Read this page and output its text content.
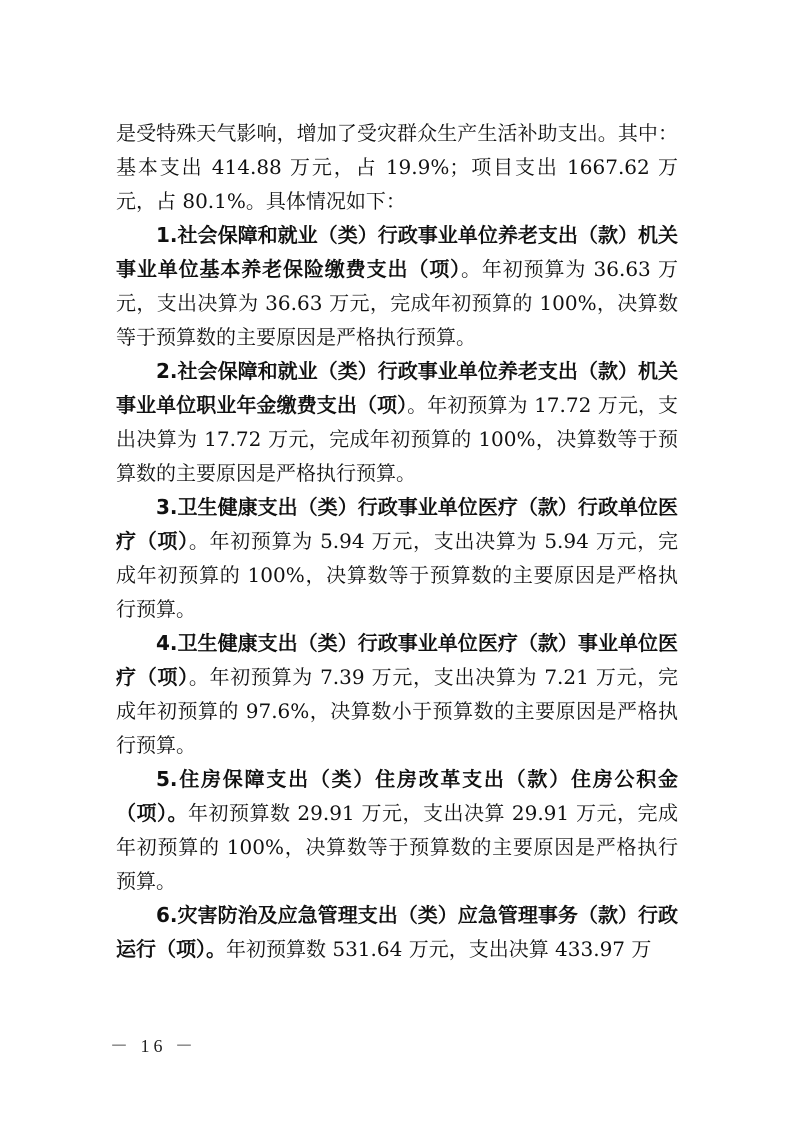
是受特殊天气影响，增加了受灾群众生产生活补助支出。其中：基本支出 414.88 万元，占 19.9%；项目支出 1667.62 万元，占 80.1%。具体情况如下：

1.社会保障和就业（类）行政事业单位养老支出（款）机关事业单位基本养老保险缴费支出（项）。年初预算为 36.63 万元，支出决算为 36.63 万元，完成年初预算的 100%，决算数等于预算数的主要原因是严格执行预算。

2.社会保障和就业（类）行政事业单位养老支出（款）机关事业单位职业年金缴费支出（项）。年初预算为 17.72 万元，支出决算为 17.72 万元，完成年初预算的 100%，决算数等于预算数的主要原因是严格执行预算。

3.卫生健康支出（类）行政事业单位医疗（款）行政单位医疗（项）。年初预算为 5.94 万元，支出决算为 5.94 万元，完成年初预算的 100%，决算数等于预算数的主要原因是严格执行预算。

4.卫生健康支出（类）行政事业单位医疗（款）事业单位医疗（项）。年初预算为 7.39 万元，支出决算为 7.21 万元，完成年初预算的 97.6%，决算数小于预算数的主要原因是严格执行预算。

5.住房保障支出（类）住房改革支出（款）住房公积金（项）。年初预算数 29.91 万元，支出决算 29.91 万元，完成年初预算的 100%，决算数等于预算数的主要原因是严格执行预算。

6.灾害防治及应急管理支出（类）应急管理事务（款）行政运行（项）。年初预算数 531.64 万元，支出决算 433.97 万

－ 16 －
